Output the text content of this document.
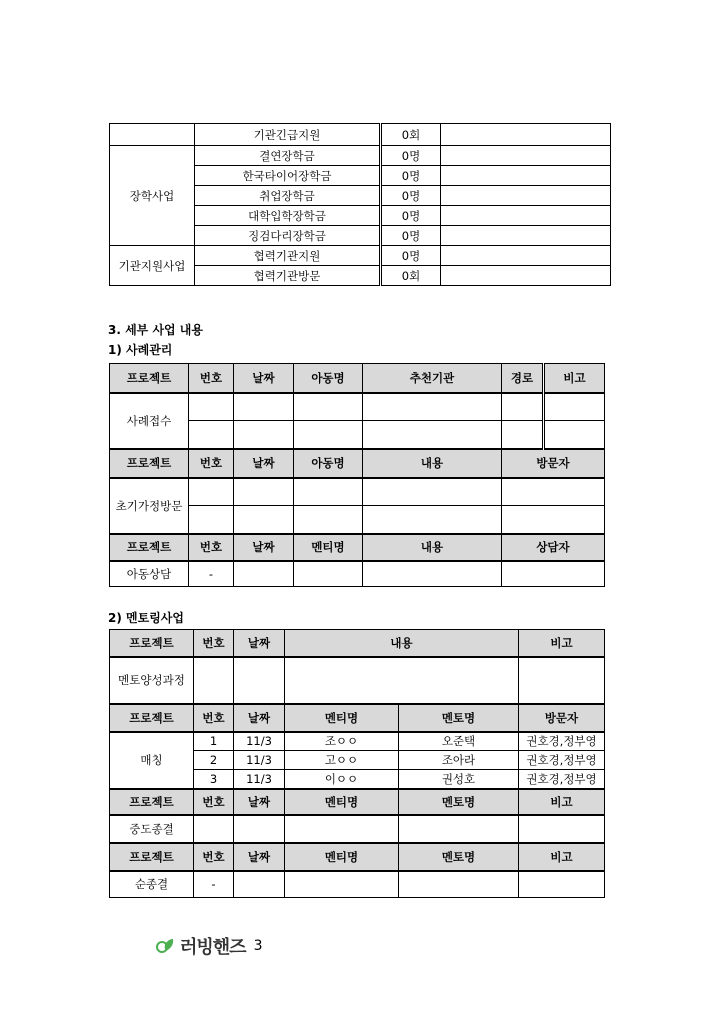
	기관긴급지원	0회	
장학사업	결연장학금	0명	
	한국타이어장학금	0명	
	취업장학금	0명	
	대학입학장학금	0명	
	징검다리장학금	0명	
기관지원사업	협력기관지원	0명	
	협력기관방문	0회	
3. 세부 사업 내용
1) 사례관리
프로젝트	번호	날짜	아동명	추천기관	경로	비고
사례접수						

프로젝트	번호	날짜	아동명	내용	방문자	
초기가정방문						

프로젝트	번호	날짜	멘티명	내용	상담자	
아동상담	-					
2) 멘토링사업
프로젝트	번호	날짜	내용		비고
멘토양성과정					
프로젝트	번호	날짜	멘티명	멘토명	방문자
매칭	1	11/3	조ㅇㅇ	오준택	권호경,정부영
	2	11/3	고ㅇㅇ	조아라	권호경,정부영
	3	11/3	이ㅇㅇ	권성호	권호경,정부영
프로젝트	번호	날짜	멘티명	멘토명	비고
중도종결					
프로젝트	번호	날짜	멘티명	멘토명	비고
순종결	-				
러빙핸즈 3
